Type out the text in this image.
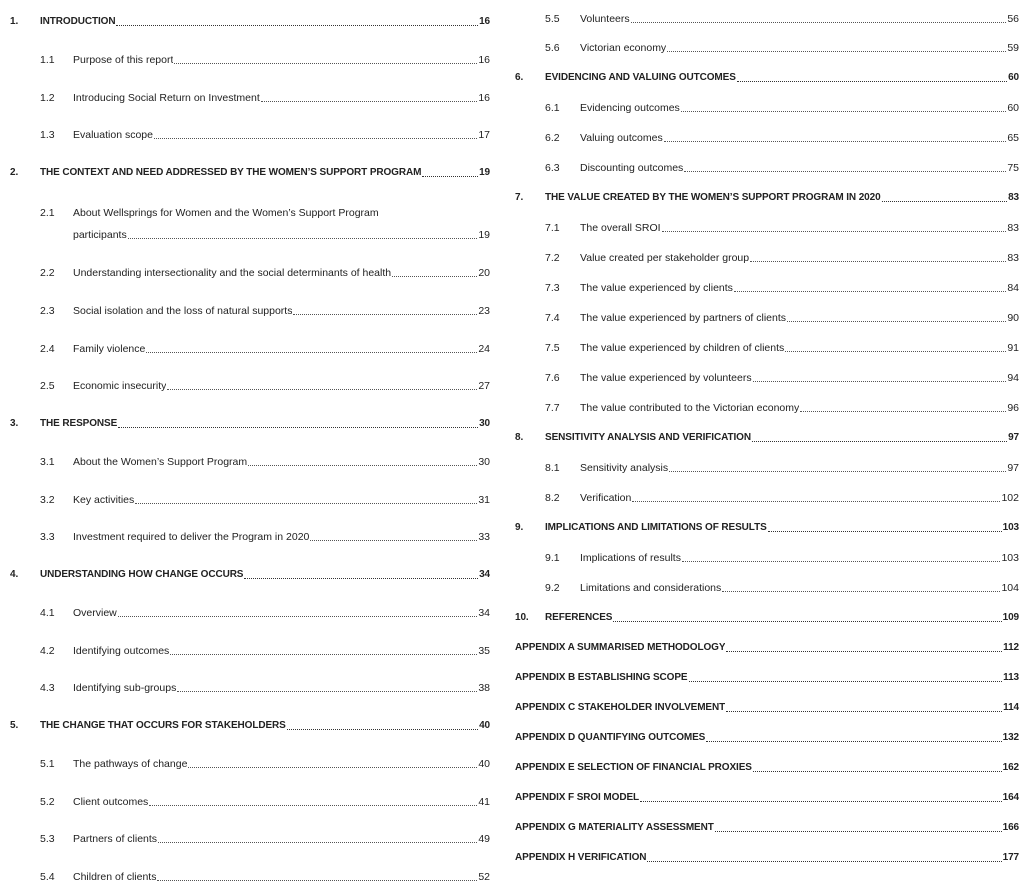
1. INTRODUCTION	16
1.1 Purpose of this report	16
1.2 Introducing Social Return on Investment	16
1.3 Evaluation scope	17
2. THE CONTEXT AND NEED ADDRESSED BY THE WOMEN’S SUPPORT PROGRAM	19
2.1 About Wellsprings for Women and the Women’s Support Program
participants	19
2.2 Understanding intersectionality and the social determinants of health	20
2.3 Social isolation and the loss of natural supports	23
2.4 Family violence	24
2.5 Economic insecurity	27
3. THE RESPONSE	30
3.1 About the Women’s Support Program	30
3.2 Key activities	31
3.3 Investment required to deliver the Program in 2020	33
4. UNDERSTANDING HOW CHANGE OCCURS	34
4.1 Overview	34
4.2 Identifying outcomes	35
4.3 Identifying sub-groups	38
5. THE CHANGE THAT OCCURS FOR STAKEHOLDERS	40
5.1 The pathways of change	40
5.2 Client outcomes	41
5.3 Partners of clients	49
5.4 Children of clients	52
5.5 Volunteers	56
5.6 Victorian economy	59
6. EVIDENCING AND VALUING OUTCOMES	60
6.1 Evidencing outcomes	60
6.2 Valuing outcomes	65
6.3 Discounting outcomes	75
7. THE VALUE CREATED BY THE WOMEN’S SUPPORT PROGRAM IN 2020	83
7.1 The overall SROI	83
7.2 Value created per stakeholder group	83
7.3 The value experienced by clients	84
7.4 The value experienced by partners of clients	90
7.5 The value experienced by children of clients	91
7.6 The value experienced by volunteers	94
7.7 The value contributed to the Victorian economy	96
8. SENSITIVITY ANALYSIS AND VERIFICATION	97
8.1 Sensitivity analysis	97
8.2 Verification	102
9. IMPLICATIONS AND LIMITATIONS OF RESULTS	103
9.1 Implications of results	103
9.2 Limitations and considerations	104
10. REFERENCES	109
APPENDIX A SUMMARISED METHODOLOGY	112
APPENDIX B ESTABLISHING SCOPE	113
APPENDIX C STAKEHOLDER INVOLVEMENT	114
APPENDIX D QUANTIFYING OUTCOMES	132
APPENDIX E SELECTION OF FINANCIAL PROXIES	162
APPENDIX F SROI MODEL	164
APPENDIX G MATERIALITY ASSESSMENT	166
APPENDIX H VERIFICATION	177
